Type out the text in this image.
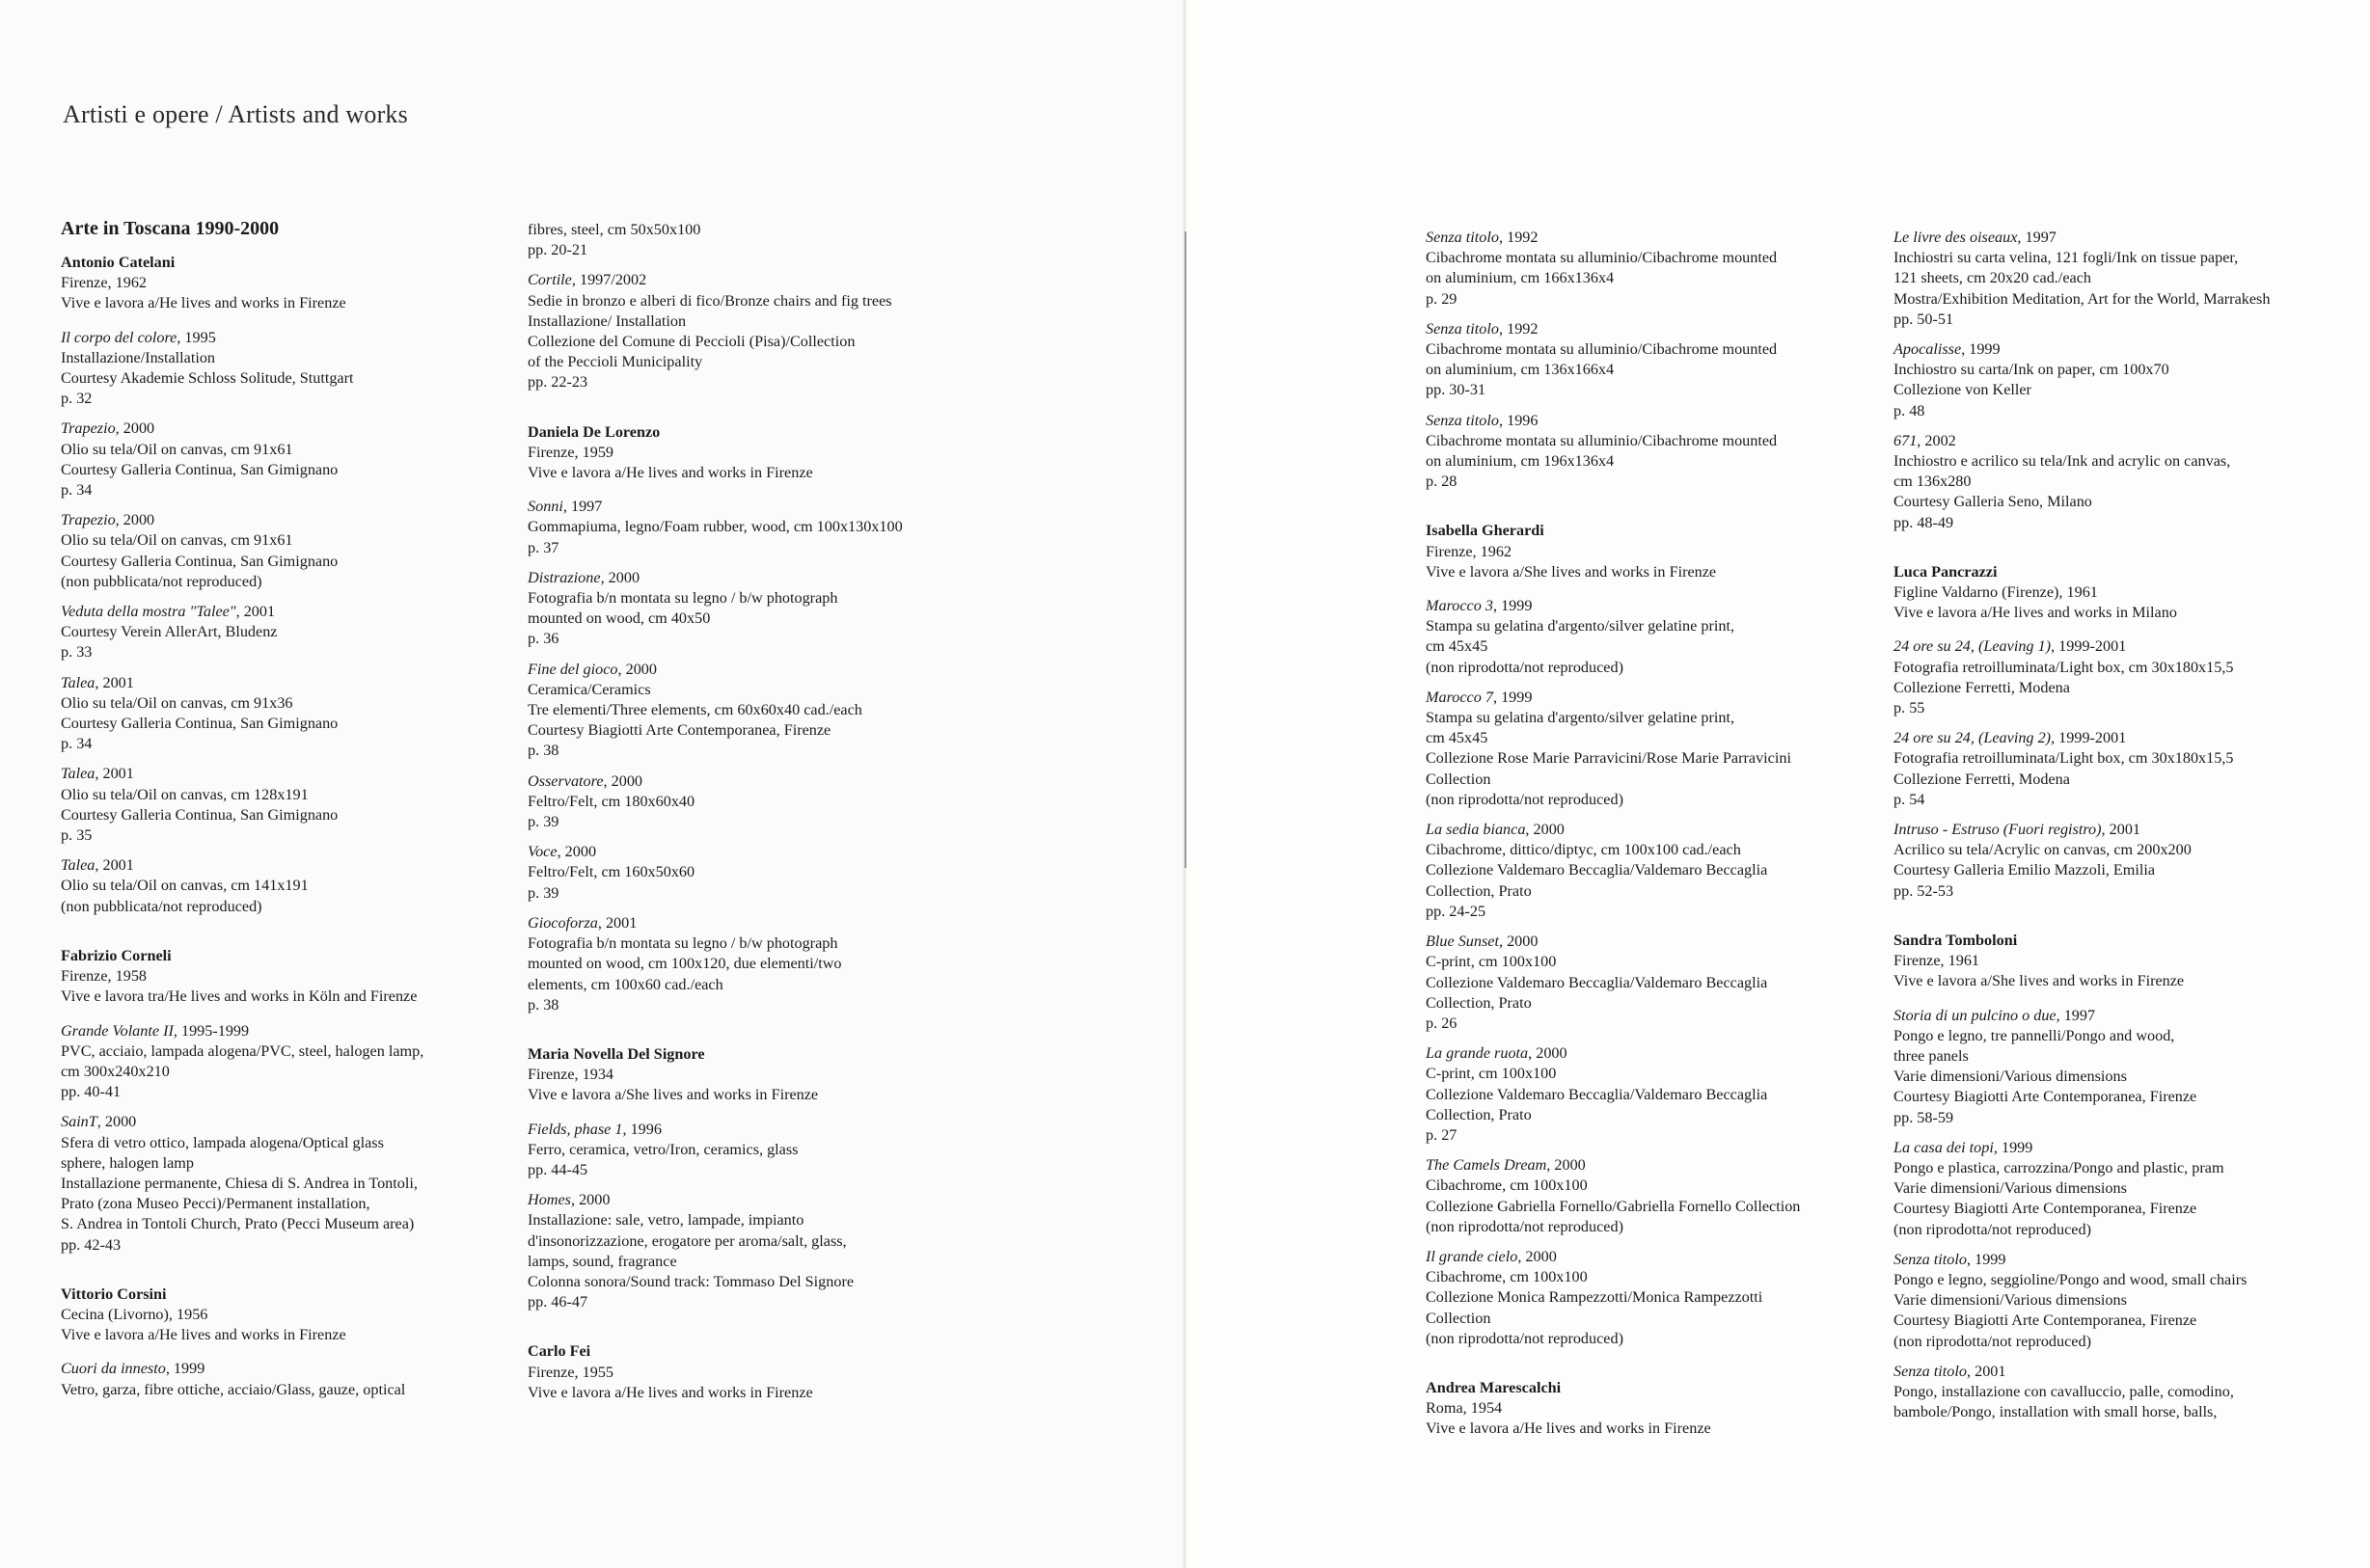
Artisti e opere / Artists and works
Arte in Toscana 1990-2000
Antonio Catelani
Firenze, 1962
Vive e lavora a/He lives and works in Firenze
Il corpo del colore, 1995
Installazione/Installation
Courtesy Akademie Schloss Solitude, Stuttgart
p. 32
Trapezio, 2000
Olio su tela/Oil on canvas, cm 91x61
Courtesy Galleria Continua, San Gimignano
p. 34
Trapezio, 2000
Olio su tela/Oil on canvas, cm 91x61
Courtesy Galleria Continua, San Gimignano
(non pubblicata/not reproduced)
Veduta della mostra "Talee", 2001
Courtesy Verein AllerArt, Bludenz
p. 33
Talea, 2001
Olio su tela/Oil on canvas, cm 91x36
Courtesy Galleria Continua, San Gimignano
p. 34
Talea, 2001
Olio su tela/Oil on canvas, cm 128x191
Courtesy Galleria Continua, San Gimignano
p. 35
Talea, 2001
Olio su tela/Oil on canvas, cm 141x191
(non pubblicata/not reproduced)
Fabrizio Corneli
Firenze, 1958
Vive e lavora tra/He lives and works in Köln and Firenze
Grande Volante II, 1995-1999
PVC, acciaio, lampada alogena/PVC, steel, halogen lamp,
cm 300x240x210
pp. 40-41
SainT, 2000
Sfera di vetro ottico, lampada alogena/Optical glass
sphere, halogen lamp
Installazione permanente, Chiesa di S. Andrea in Tontoli,
Prato (zona Museo Pecci)/Permanent installation,
S. Andrea in Tontoli Church, Prato (Pecci Museum area)
pp. 42-43
Vittorio Corsini
Cecina (Livorno), 1956
Vive e lavora a/He lives and works in Firenze
Cuori da innesto, 1999
Vetro, garza, fibre ottiche, acciaio/Glass, gauze, optical
fibres, steel, cm 50x50x100
pp. 20-21
Cortile, 1997/2002
Sedie in bronzo e alberi di fico/Bronze chairs and fig trees
Installazione/ Installation
Collezione del Comune di Peccioli (Pisa)/Collection
of the Peccioli Municipality
pp. 22-23
Daniela De Lorenzo
Firenze, 1959
Vive e lavora a/He lives and works in Firenze
Sonni, 1997
Gommapiuma, legno/Foam rubber, wood, cm 100x130x100
p. 37
Distrazione, 2000
Fotografia b/n montata su legno / b/w photograph
mounted on wood, cm 40x50
p. 36
Fine del gioco, 2000
Ceramica/Ceramics
Tre elementi/Three elements, cm 60x60x40 cad./each
Courtesy Biagiotti Arte Contemporanea, Firenze
p. 38
Osservatore, 2000
Feltro/Felt, cm 180x60x40
p. 39
Voce, 2000
Feltro/Felt, cm 160x50x60
p. 39
Giocoforza, 2001
Fotografia b/n montata su legno / b/w photograph
mounted on wood, cm 100x120, due elementi/two
elements, cm 100x60 cad./each
p. 38
Maria Novella Del Signore
Firenze, 1934
Vive e lavora a/She lives and works in Firenze
Fields, phase 1, 1996
Ferro, ceramica, vetro/Iron, ceramics, glass
pp. 44-45
Homes, 2000
Installazione: sale, vetro, lampade, impianto
d'insonorizzazione, erogatore per aroma/salt, glass,
lamps, sound, fragrance
Colonna sonora/Sound track: Tommaso Del Signore
pp. 46-47
Carlo Fei
Firenze, 1955
Vive e lavora a/He lives and works in Firenze
Senza titolo, 1992
Cibachrome montata su alluminio/Cibachrome mounted
on aluminium, cm 166x136x4
p. 29
Senza titolo, 1992
Cibachrome montata su alluminio/Cibachrome mounted
on aluminium, cm 136x166x4
pp. 30-31
Senza titolo, 1996
Cibachrome montata su alluminio/Cibachrome mounted
on aluminium, cm 196x136x4
p. 28
Isabella Gherardi
Firenze, 1962
Vive e lavora a/She lives and works in Firenze
Marocco 3, 1999
Stampa su gelatina d'argento/silver gelatine print,
cm 45x45
(non riprodotta/not reproduced)
Marocco 7, 1999
Stampa su gelatina d'argento/silver gelatine print,
cm 45x45
Collezione Rose Marie Parravicini/Rose Marie Parravicini
Collection
(non riprodotta/not reproduced)
La sedia bianca, 2000
Cibachrome, dittico/diptyc, cm 100x100 cad./each
Collezione Valdemaro Beccaglia/Valdemaro Beccaglia
Collection, Prato
pp. 24-25
Blue Sunset, 2000
C-print, cm 100x100
Collezione Valdemaro Beccaglia/Valdemaro Beccaglia
Collection, Prato
p. 26
La grande ruota, 2000
C-print, cm 100x100
Collezione Valdemaro Beccaglia/Valdemaro Beccaglia
Collection, Prato
p. 27
The Camels Dream, 2000
Cibachrome, cm 100x100
Collezione Gabriella Fornello/Gabriella Fornello Collection
(non riprodotta/not reproduced)
Il grande cielo, 2000
Cibachrome, cm 100x100
Collezione Monica Rampezzotti/Monica Rampezzotti
Collection
(non riprodotta/not reproduced)
Andrea Marescalchi
Roma, 1954
Vive e lavora a/He lives and works in Firenze
Le livre des oiseaux, 1997
Inchiostri su carta velina, 121 fogli/Ink on tissue paper,
121 sheets, cm 20x20 cad./each
Mostra/Exhibition Meditation, Art for the World, Marrakesh
pp. 50-51
Apocalisse, 1999
Inchiostro su carta/Ink on paper, cm 100x70
Collezione von Keller
p. 48
671, 2002
Inchiostro e acrilico su tela/Ink and acrylic on canvas,
cm 136x280
Courtesy Galleria Seno, Milano
pp. 48-49
Luca Pancrazzi
Figline Valdarno (Firenze), 1961
Vive e lavora a/He lives and works in Milano
24 ore su 24, (Leaving 1), 1999-2001
Fotografia retroilluminata/Light box, cm 30x180x15,5
Collezione Ferretti, Modena
p. 55
24 ore su 24, (Leaving 2), 1999-2001
Fotografia retroilluminata/Light box, cm 30x180x15,5
Collezione Ferretti, Modena
p. 54
Intruso - Estruso (Fuori registro), 2001
Acrilico su tela/Acrylic on canvas, cm 200x200
Courtesy Galleria Emilio Mazzoli, Emilia
pp. 52-53
Sandra Tomboloni
Firenze, 1961
Vive e lavora a/She lives and works in Firenze
Storia di un pulcino o due, 1997
Pongo e legno, tre pannelli/Pongo and wood,
three panels
Varie dimensioni/Various dimensions
Courtesy Biagiotti Arte Contemporanea, Firenze
pp. 58-59
La casa dei topi, 1999
Pongo e plastica, carrozzina/Pongo and plastic, pram
Varie dimensioni/Various dimensions
Courtesy Biagiotti Arte Contemporanea, Firenze
(non riprodotta/not reproduced)
Senza titolo, 1999
Pongo e legno, seggioline/Pongo and wood, small chairs
Varie dimensioni/Various dimensions
Courtesy Biagiotti Arte Contemporanea, Firenze
(non riprodotta/not reproduced)
Senza titolo, 2001
Pongo, installazione con cavalluccio, palle, comodino,
bambole/Pongo, installation with small horse, balls,
